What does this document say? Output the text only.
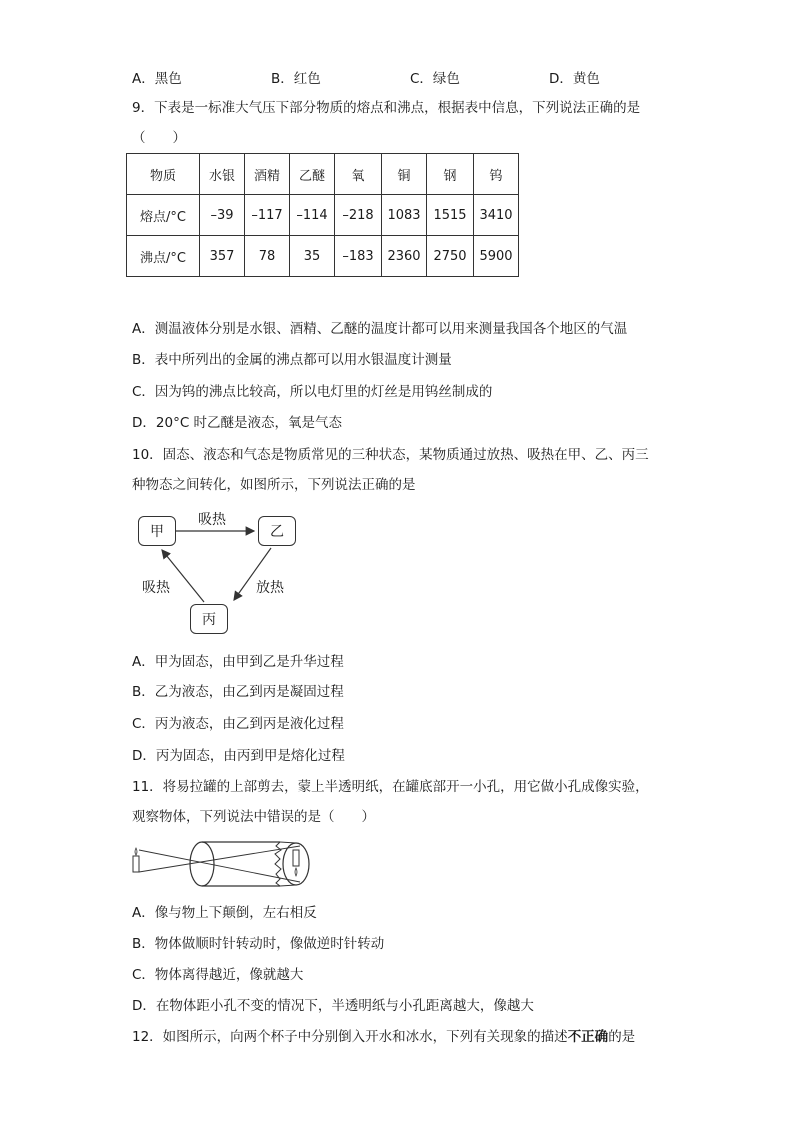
A．黑色	B．红色	C．绿色	D．黄色
9．下表是一标准大气压下部分物质的熔点和沸点，根据表中信息，下列说法正确的是
（　　）
物质	水银	酒精	乙醚	氧	铜	钢	钨
熔点/°C	–39	–117	–114	–218	1083	1515	3410
沸点/°C	357	78	35	–183	2360	2750	5900
A．测温液体分别是水银、酒精、乙醚的温度计都可以用来测量我国各个地区的气温
B．表中所列出的金属的沸点都可以用水银温度计测量
C．因为钨的沸点比较高，所以电灯里的灯丝是用钨丝制成的
D．20°C 时乙醚是液态，氧是气态
10．固态、液态和气态是物质常见的三种状态，某物质通过放热、吸热在甲、乙、丙三
种物态之间转化，如图所示，下列说法正确的是
甲	乙
丙
吸热
放热
吸热
A．甲为固态，由甲到乙是升华过程
B．乙为液态，由乙到丙是凝固过程
C．丙为液态，由乙到丙是液化过程
D．丙为固态，由丙到甲是熔化过程
11．将易拉罐的上部剪去，蒙上半透明纸，在罐底部开一小孔，用它做小孔成像实验，
观察物体，下列说法中错误的是（　　）
A．像与物上下颠倒，左右相反
B．物体做顺时针转动时，像做逆时针转动
C．物体离得越近，像就越大
D．在物体距小孔不变的情况下，半透明纸与小孔距离越大，像越大
12．如图所示，向两个杯子中分别倒入开水和冰水，下列有关现象的描述不正确的是
